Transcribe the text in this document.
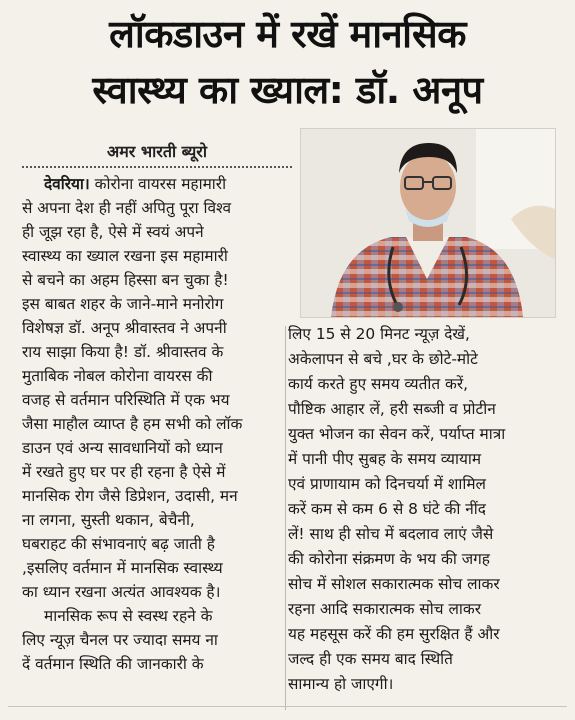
लॉकडाउन में रखें मानसिक
स्वास्थ्य का ख्याल: डॉ. अनूप
अमर भारती ब्यूरो

देवरिया। कोरोना वायरस महामारी
से अपना देश ही नहीं अपितु पूरा विश्व
ही जूझ रहा है, ऐसे में स्वयं अपने
स्वास्थ्य का ख्याल रखना इस महामारी
से बचने का अहम हिस्सा बन चुका है!
इस बाबत शहर के जाने-माने मनोरोग
विशेषज्ञ डॉ. अनूप श्रीवास्तव ने अपनी
राय साझा किया है! डॉ. श्रीवास्तव के
मुताबिक नोबल कोरोना वायरस की
वजह से वर्तमान परिस्थिति में एक भय
जैसा माहौल व्याप्त है हम सभी को लॉक
डाउन एवं अन्य सावधानियों को ध्यान
में रखते हुए घर पर ही रहना है ऐसे में
मानसिक रोग जैसे डिप्रेशन, उदासी, मन
ना लगना, सुस्ती थकान, बेचैनी,
घबराहट की संभावनाएं बढ़ जाती है
,इसलिए वर्तमान में मानसिक स्वास्थ्य
का ध्यान रखना अत्यंत आवश्यक है।

मानसिक रूप से स्वस्थ रहने के
लिए न्यूज़ चैनल पर ज्यादा समय ना
दें वर्तमान स्थिति की जानकारी के

लिए 15 से 20 मिनट न्यूज़ देखें,
अकेलापन से बचे ,घर के छोटे-मोटे
कार्य करते हुए समय व्यतीत करें,
पौष्टिक आहार लें, हरी सब्जी व प्रोटीन
युक्त भोजन का सेवन करें, पर्याप्त मात्रा
में पानी पीए सुबह के समय व्यायाम
एवं प्राणायाम को दिनचर्या में शामिल
करें कम से कम 6 से 8 घंटे की नींद
लें! साथ ही सोच में बदलाव लाएं जैसे
की कोरोना संक्रमण के भय की जगह
सोच में सोशल सकारात्मक सोच लाकर
रहना आदि सकारात्मक सोच लाकर
यह महसूस करें की हम सुरक्षित हैं और
जल्द ही एक समय बाद स्थिति
सामान्य हो जाएगी।
